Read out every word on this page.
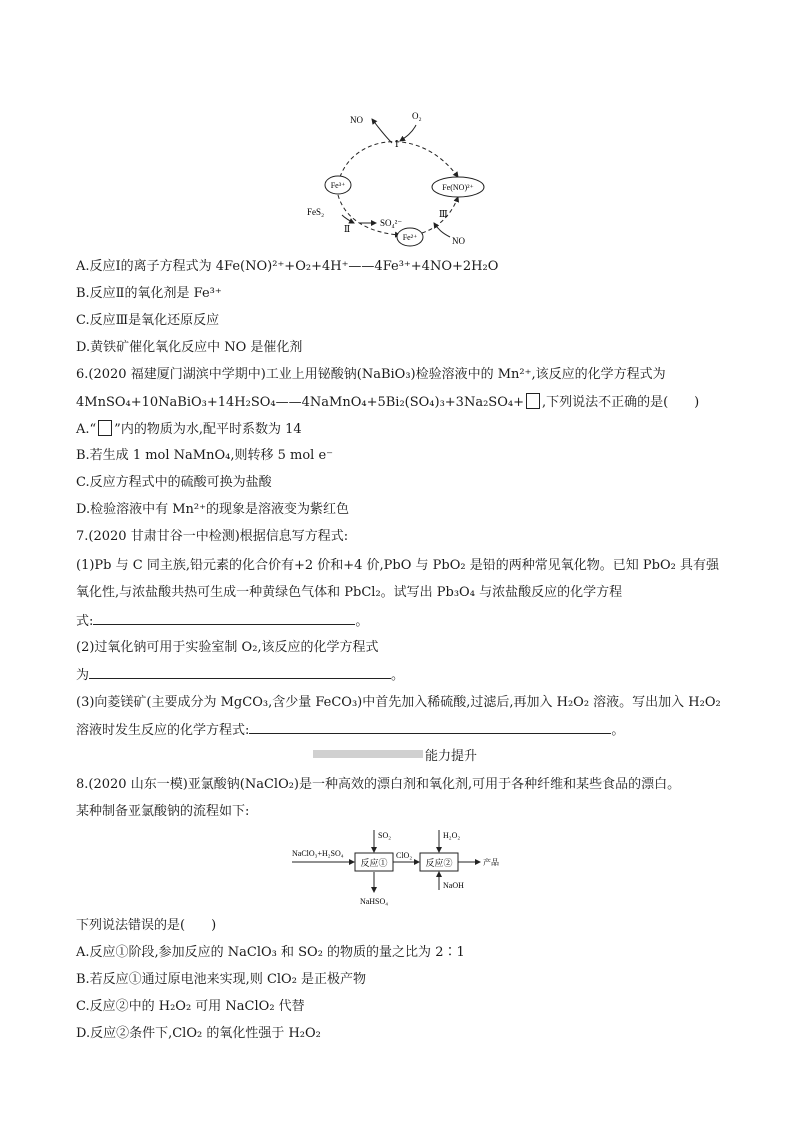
NO	O₂
Ⅰ
Fe³⁺	Fe(NO)²⁺
FeS₂
SO₄²⁻
Ⅱ
Ⅲ
Fe²⁺	NO
A.反应Ⅰ的离子方程式为 4Fe(NO)²⁺+O₂+4H⁺——4Fe³⁺+4NO+2H₂O
B.反应Ⅱ的氧化剂是 Fe³⁺
C.反应Ⅲ是氧化还原反应
D.黄铁矿催化氧化反应中 NO 是催化剂
6.(2020 福建厦门湖滨中学期中)工业上用铋酸钠(NaBiO₃)检验溶液中的 Mn²⁺,该反应的化学方程式为
4MnSO₄+10NaBiO₃+14H₂SO₄——4NaMnO₄+5Bi₂(SO₄)₃+3Na₂SO₄+ ,下列说法不正确的是(　　)
A.“ ”内的物质为水,配平时系数为 14
B.若生成 1 mol NaMnO₄,则转移 5 mol e⁻
C.反应方程式中的硫酸可换为盐酸
D.检验溶液中有 Mn²⁺的现象是溶液变为紫红色
7.(2020 甘肃甘谷一中检测)根据信息写方程式:
(1)Pb 与 C 同主族,铅元素的化合价有+2 价和+4 价,PbO 与 PbO₂ 是铅的两种常见氧化物。已知 PbO₂ 具有强
氧化性,与浓盐酸共热可生成一种黄绿色气体和 PbCl₂。试写出 Pb₃O₄ 与浓盐酸反应的化学方程
式:	。
(2)过氧化钠可用于实验室制 O₂,该反应的化学方程式
为	。
(3)向菱镁矿(主要成分为 MgCO₃,含少量 FeCO₃)中首先加入稀硫酸,过滤后,再加入 H₂O₂ 溶液。写出加入 H₂O₂
溶液时发生反应的化学方程式:	。
能力提升
8.(2020 山东一模)亚氯酸钠(NaClO₂)是一种高效的漂白剂和氧化剂,可用于各种纤维和某些食品的漂白。
某种制备亚氯酸钠的流程如下:
NaClO₃+H₂SO₄
反应①
SO₂
NaHSO₄
ClO₂
反应②
H₂O₂
NaOH
产品
下列说法错误的是(　　)
A.反应①阶段,参加反应的 NaClO₃ 和 SO₂ 的物质的量之比为 2∶1
B.若反应①通过原电池来实现,则 ClO₂ 是正极产物
C.反应②中的 H₂O₂ 可用 NaClO₂ 代替
D.反应②条件下,ClO₂ 的氧化性强于 H₂O₂
